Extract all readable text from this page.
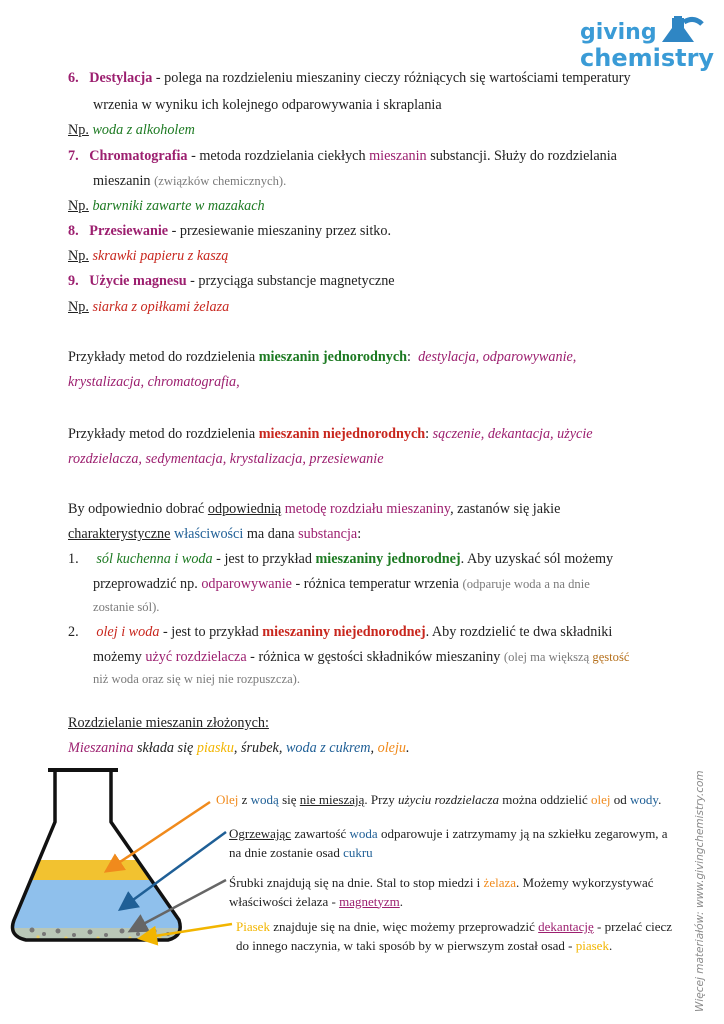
giving
chemistry
6. Destylacja - polega na rozdzieleniu mieszaniny cieczy różniących się wartościami temperatury
wrzenia w wyniku ich kolejnego odparowywania i skraplania
Np. woda z alkoholem
7. Chromatografia - metoda rozdzielania ciekłych mieszanin substancji. Służy do rozdzielania
mieszanin (związków chemicznych).
Np. barwniki zawarte w mazakach
8. Przesiewanie - przesiewanie mieszaniny przez sitko.
Np. skrawki papieru z kaszą
9. Użycie magnesu - przyciąga substancje magnetyczne
Np. siarka z opiłkami żelaza
Przykłady metod do rozdzielenia mieszanin jednorodnych: destylacja, odparowywanie,
krystalizacja, chromatografia,
Przykłady metod do rozdzielenia mieszanin niejednorodnych: sączenie, dekantacja, użycie
rozdzielacza, sedymentacja, krystalizacja, przesiewanie
By odpowiednio dobrać odpowiednią metodę rozdziału mieszaniny, zastanów się jakie
charakterystyczne właściwości ma dana substancja:
1. sól kuchenna i woda - jest to przykład mieszaniny jednorodnej. Aby uzyskać sól możemy
przeprowadzić np. odparowywanie - różnica temperatur wrzenia (odparuje woda a na dnie
zostanie sól).
2. olej i woda - jest to przykład mieszaniny niejednorodnej. Aby rozdzielić te dwa składniki
możemy użyć rozdzielacza - różnica w gęstości składników mieszaniny (olej ma większą gęstość
niż woda oraz się w niej nie rozpuszcza).
Rozdzielanie mieszanin złożonych:
Mieszanina składa się piasku, śrubek, woda z cukrem, oleju.
Olej z wodą się nie mieszają. Przy użyciu rozdzielacza można oddzielić olej od wody.
Ogrzewając zawartość woda odparowuje i zatrzymamy ją na szkiełku zegarowym, a
na dnie zostanie osad cukru
Śrubki znajdują się na dnie. Stal to stop miedzi i żelaza. Możemy wykorzystywać
właściwości żelaza - magnetyzm.
Piasek znajduje się na dnie, więc możemy przeprowadzić dekantację - przelać ciecz
do innego naczynia, w taki sposób by w pierwszym został osad - piasek.	Więcej materiałów: www.givingchemistry.com
